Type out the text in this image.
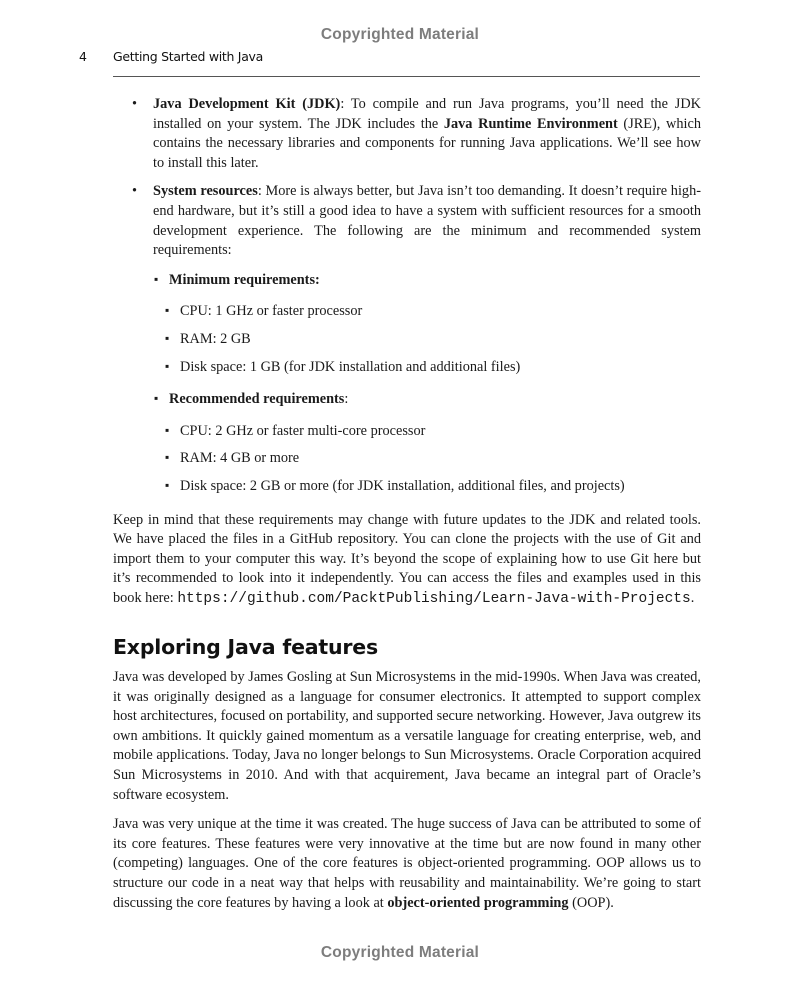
Copyrighted Material
4 Getting Started with Java

• Java Development Kit (JDK): To compile and run Java programs, you’ll need the JDK installed on your system. The JDK includes the Java Runtime Environment (JRE), which contains the necessary libraries and components for running Java applications. We’ll see how to install this later.

• System resources: More is always better, but Java isn’t too demanding. It doesn’t require high-end hardware, but it’s still a good idea to have a system with sufficient resources for a smooth development experience. The following are the minimum and recommended system requirements:

▪ Minimum requirements:

▪ CPU: 1 GHz or faster processor

▪ RAM: 2 GB

▪ Disk space: 1 GB (for JDK installation and additional files)

▪ Recommended requirements:

▪ CPU: 2 GHz or faster multi-core processor

▪ RAM: 4 GB or more

▪ Disk space: 2 GB or more (for JDK installation, additional files, and projects)

Keep in mind that these requirements may change with future updates to the JDK and related tools. We have placed the files in a GitHub repository. You can clone the projects with the use of Git and import them to your computer this way. It’s beyond the scope of explaining how to use Git here but it’s recommended to look into it independently. You can access the files and examples used in this book here: https://github.com/PacktPublishing/Learn-Java-with-Projects.

Exploring Java features

Java was developed by James Gosling at Sun Microsystems in the mid-1990s. When Java was created, it was originally designed as a language for consumer electronics. It attempted to support complex host architectures, focused on portability, and supported secure networking. However, Java outgrew its own ambitions. It quickly gained momentum as a versatile language for creating enterprise, web, and mobile applications. Today, Java no longer belongs to Sun Microsystems. Oracle Corporation acquired Sun Microsystems in 2010. And with that acquirement, Java became an integral part of Oracle’s software ecosystem.

Java was very unique at the time it was created. The huge success of Java can be attributed to some of its core features. These features were very innovative at the time but are now found in many other (competing) languages. One of the core features is object-oriented programming. OOP allows us to structure our code in a neat way that helps with reusability and maintainability. We’re going to start discussing the core features by having a look at object-oriented programming (OOP).

Copyrighted Material
